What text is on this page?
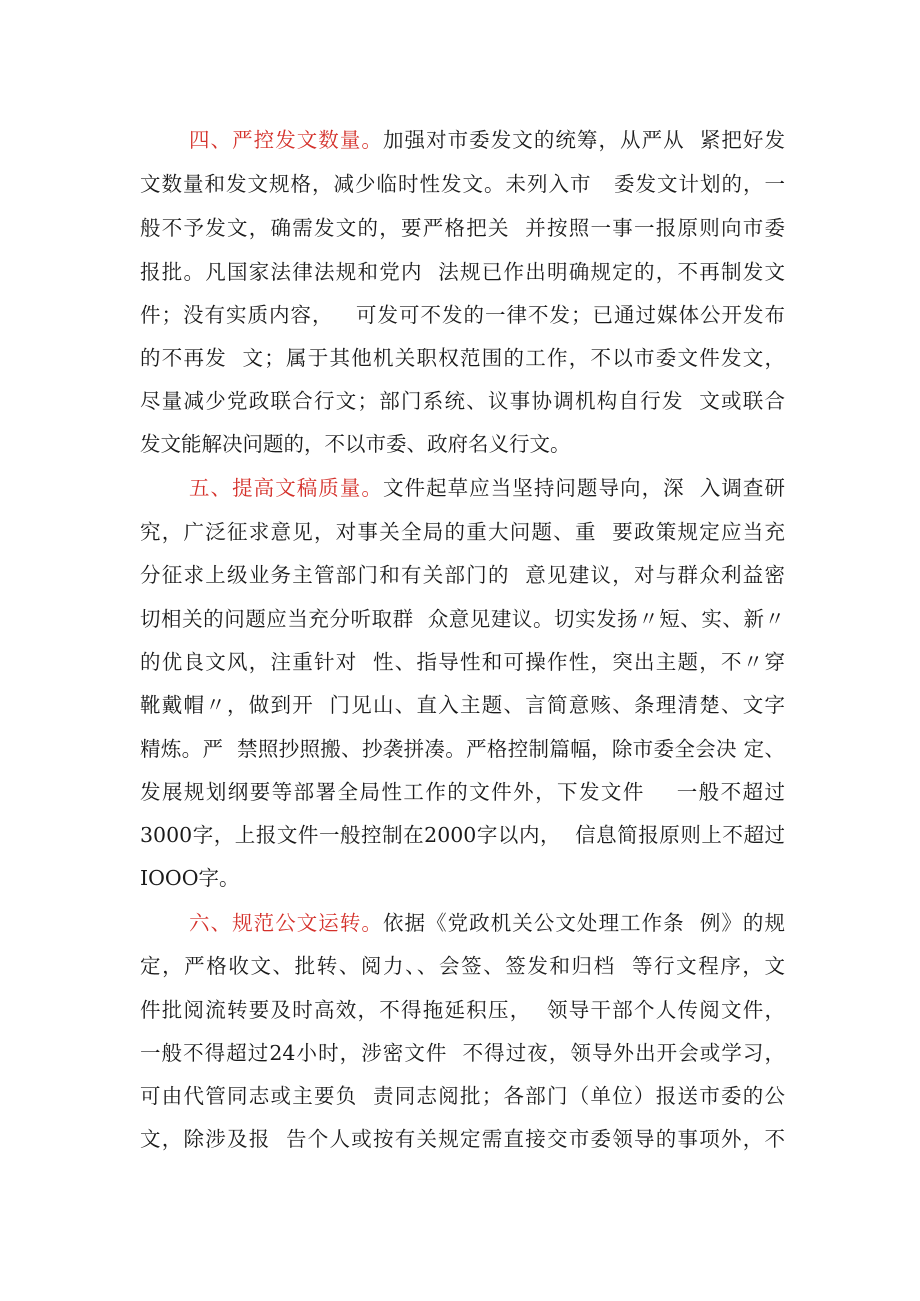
四、严控发文数量。加强对市委发文的统筹，从严从  紧把好发
文数量和发文规格，减少临时性发文。未列入市   委发文计划的，一
般不予发文，确需发文的，要严格把关  并按照一事一报原则向市委
报批。凡国家法律法规和党内  法规已作出明确规定的，不再制发文
件；没有实质内容，   可发可不发的一律不发；已通过媒体公开发布
的不再发  文；属于其他机关职权范围的工作，不以市委文件发文，
尽量减少党政联合行文；部门系统、议事协调机构自行发  文或联合
发文能解决问题的，不以市委、政府名义行文。
五、提高文稿质量。文件起草应当坚持问题导向，深  入调查研
究，广泛征求意见，对事关全局的重大问题、重  要政策规定应当充
分征求上级业务主管部门和有关部门的  意见建议，对与群众利益密
切相关的问题应当充分听取群  众意见建议。切实发扬〃短、实、新〃
的优良文风，注重针对  性、指导性和可操作性，突出主题，不〃穿
靴戴帽〃，做到开  门见山、直入主题、言简意赅、条理清楚、文字
精炼。严  禁照抄照搬、抄袭拼凑。严格控制篇幅，除市委全会决 定、
发展规划纲要等部署全局性工作的文件外，下发文件    一般不超过
3000字，上报文件一般控制在2000字以内，  信息简报原则上不超过
IOOO字。
六、规范公文运转。依据《党政机关公文处理工作条  例》的规
定，严格收文、批转、阅力、、会签、签发和归档  等行文程序，文
件批阅流转要及时高效，不得拖延积压，  领导干部个人传阅文件，
一般不得超过24小时，涉密文件  不得过夜，领导外出开会或学习，
可由代管同志或主要负  责同志阅批；各部门（单位）报送市委的公
文，除涉及报  告个人或按有关规定需直接交市委领导的事项外，不
